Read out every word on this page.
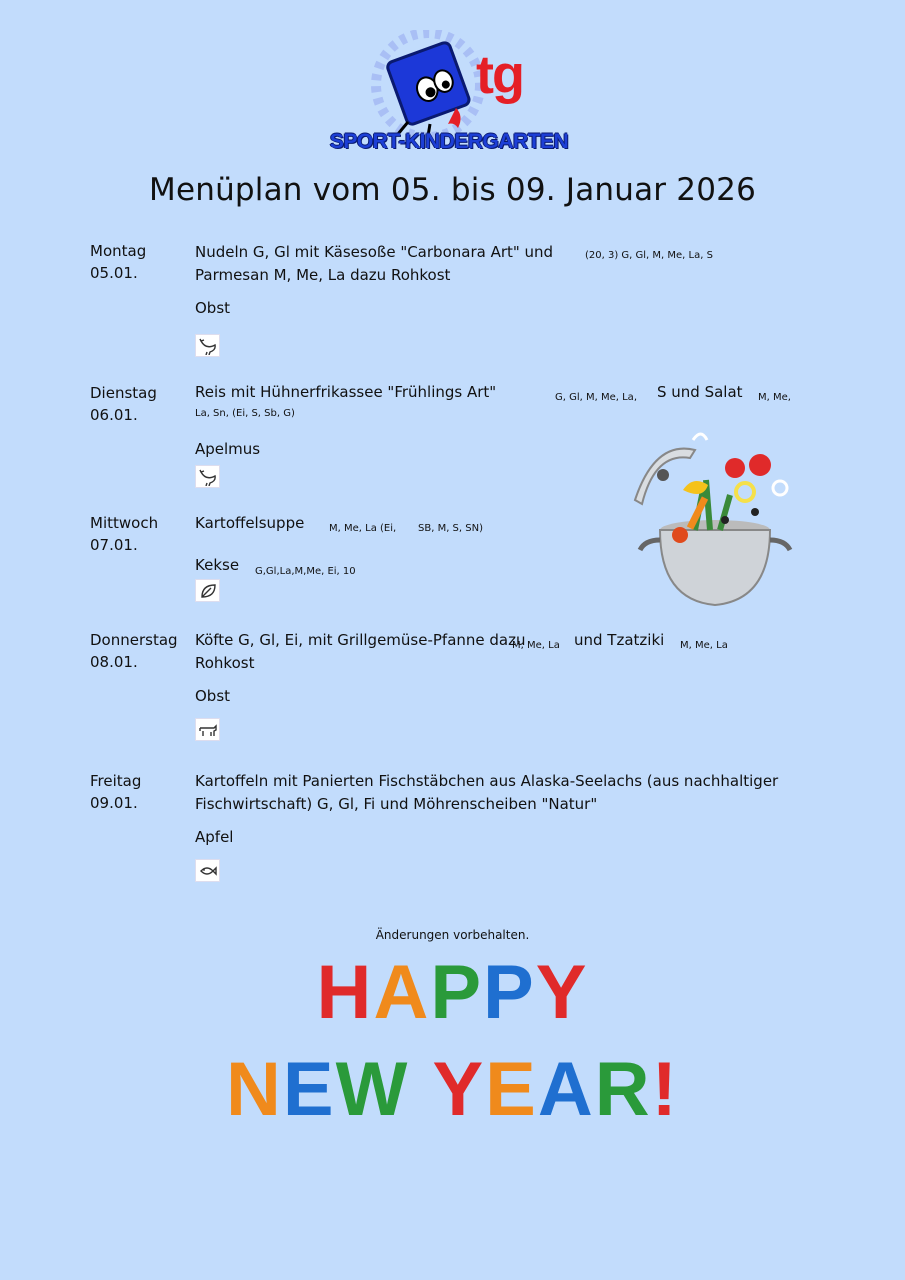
tg
SPORT-KINDERGARTEN
Menüplan vom 05. bis 09. Januar 2026
Montag
05.01.
Nudeln G, Gl mit Käsesoße "Carbonara Art" und	(20, 3) G, Gl, M, Me, La, S
Parmesan M, Me, La dazu Rohkost
Obst
Dienstag
06.01.
Reis mit Hühnerfrikassee "Frühlings Art"	G, Gl, M, Me, La, S und Salat M, Me,
La, Sn, (Ei, S, Sb, G)
Apelmus
Mittwoch
07.01.
Kartoffelsuppe M, Me, La (Ei, SB, M, S, SN)
Kekse G,Gl,La,M,Me, Ei, 10
Donnerstag
08.01.
Köfte G, Gl, Ei, mit Grillgemüse-Pfanne dazu
M, Me, La und Tzatziki M, Me, La
Rohkost
Obst
Freitag
09.01.
Kartoffeln mit Panierten Fischstäbchen aus Alaska-Seelachs (aus nachhaltiger
Fischwirtschaft) G, Gl, Fi und Möhrenscheiben "Natur"
Apfel
Änderungen vorbehalten.
HAPPY
NEW YEAR!
